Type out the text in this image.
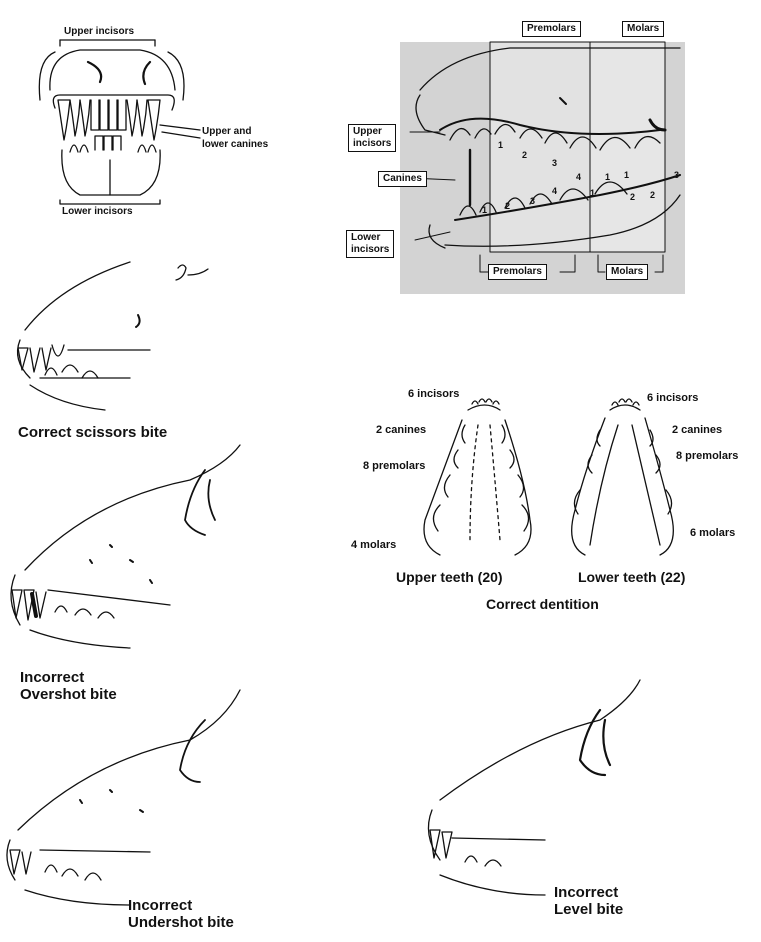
Upper incisors
Lower incisors
Upper and
lower canines
Premolars	Molars
Upper
incisors
Canines
Lower
incisors
Premolars	Molars
1
2
3
4	1 1
2
1 2 3
4	1	2
3
Correct scissors bite
Incorrect
Overshot bite
Incorrect
Undershot bite
Incorrect
Level bite
6 incisors
2 canines
8 premolars
4 molars
6 incisors
2 canines
8 premolars
6 molars
Upper teeth (20)	Lower teeth (22)
Correct dentition
